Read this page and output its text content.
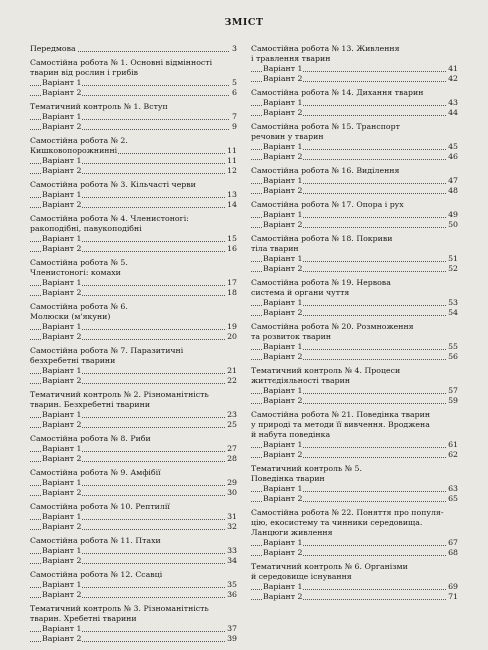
ЗМІСТ
Передмова	3
Самостійна робота № 1. Основні відмінності
тварин від рослин і грибів
Варіант 1	5
Варіант 2	6
Тематичний контроль № 1. Вступ
Варіант 1	7
Варіант 2	9
Самостійна робота № 2.
Кишковопорожнинні	11
Варіант 1	11
Варіант 2	12
Самостійна робота № 3. Кільчасті черви
Варіант 1	13
Варіант 2	14
Самостійна робота № 4. Членистоногі:
ракоподібні, павукоподібні
Варіант 1	15
Варіант 2	16
Самостійна робота № 5.
Членистоногі: комахи
Варіант 1	17
Варіант 2	18
Самостійна робота № 6.
Молюски (м'якуни)
Варіант 1	19
Варіант 2	20
Самостійна робота № 7. Паразитичні
безхребетні тварини
Варіант 1	21
Варіант 2	22
Тематичний контроль № 2. Різноманітність
тварин. Безхребетні тварини
Варіант 1	23
Варіант 2	25
Самостійна робота № 8. Риби
Варіант 1	27
Варіант 2	28
Самостійна робота № 9. Амфібії
Варіант 1	29
Варіант 2	30
Самостійна робота № 10. Рептилії
Варіант 1	31
Варіант 2	32
Самостійна робота № 11. Птахи
Варіант 1	33
Варіант 2	34
Самостійна робота № 12. Ссавці
Варіант 1	35
Варіант 2	36
Тематичний контроль № 3. Різноманітність
тварин. Хребетні тварини
Варіант 1	37
Варіант 2	39
Самостійна робота № 13. Живлення
і травлення тварин
Варіант 1	41
Варіант 2	42
Самостійна робота № 14. Дихання тварин
Варіант 1	43
Варіант 2	44
Самостійна робота № 15. Транспорт
речовин у тварин
Варіант 1	45
Варіант 2	46
Самостійна робота № 16. Виділення
Варіант 1	47
Варіант 2	48
Самостійна робота № 17. Опора і рух
Варіант 1	49
Варіант 2	50
Самостійна робота № 18. Покриви
тіла тварин
Варіант 1	51
Варіант 2	52
Самостійна робота № 19. Нервова
система й органи чуття
Варіант 1	53
Варіант 2	54
Самостійна робота № 20. Розмноження
та розвиток тварин
Варіант 1	55
Варіант 2	56
Тематичний контроль № 4. Процеси
життєдіяльності тварин
Варіант 1	57
Варіант 2	59
Самостійна робота № 21. Поведінка тварин
у природі та методи її вивчення. Вроджена
й набута поведінка
Варіант 1	61
Варіант 2	62
Тематичний контроль № 5.
Поведінка тварин
Варіант 1	63
Варіант 2	65
Самостійна робота № 22. Поняття про популя-
цію, екосистему та чинники середовища.
Ланцюги живлення
Варіант 1	67
Варіант 2	68
Тематичний контроль № 6. Організми
й середовище існування
Варіант 1	69
Варіант 2	71
